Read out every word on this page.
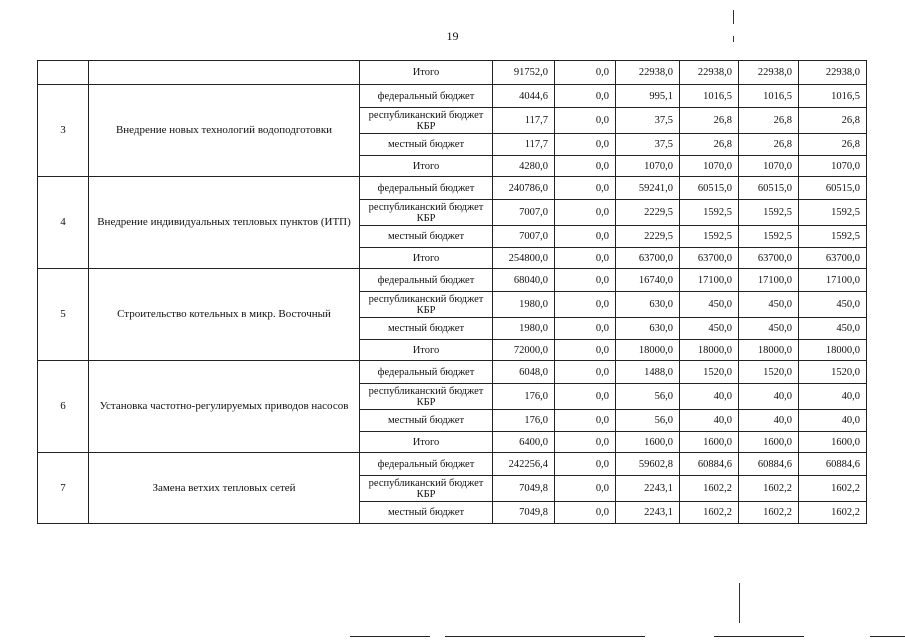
19
		Итого	91752,0	0,0	22938,0	22938,0	22938,0	22938,0
3	Внедрение новых технологий водоподготовки	федеральный бюджет	4044,6	0,0	995,1	1016,5	1016,5	1016,5
		республиканский бюджет КБР	117,7	0,0	37,5	26,8	26,8	26,8
		местный бюджет	117,7	0,0	37,5	26,8	26,8	26,8
		Итого	4280,0	0,0	1070,0	1070,0	1070,0	1070,0
4	Внедрение индивидуальных тепловых пунктов (ИТП)	федеральный бюджет	240786,0	0,0	59241,0	60515,0	60515,0	60515,0
		республиканский бюджет КБР	7007,0	0,0	2229,5	1592,5	1592,5	1592,5
		местный бюджет	7007,0	0,0	2229,5	1592,5	1592,5	1592,5
		Итого	254800,0	0,0	63700,0	63700,0	63700,0	63700,0
5	Строительство котельных в микр. Восточный	федеральный бюджет	68040,0	0,0	16740,0	17100,0	17100,0	17100,0
		республиканский бюджет КБР	1980,0	0,0	630,0	450,0	450,0	450,0
		местный бюджет	1980,0	0,0	630,0	450,0	450,0	450,0
		Итого	72000,0	0,0	18000,0	18000,0	18000,0	18000,0
6	Установка частотно-регулируемых приводов насосов	федеральный бюджет	6048,0	0,0	1488,0	1520,0	1520,0	1520,0
		республиканский бюджет КБР	176,0	0,0	56,0	40,0	40,0	40,0
		местный бюджет	176,0	0,0	56,0	40,0	40,0	40,0
		Итого	6400,0	0,0	1600,0	1600,0	1600,0	1600,0
7	Замена ветхих тепловых сетей	федеральный бюджет	242256,4	0,0	59602,8	60884,6	60884,6	60884,6
		республиканский бюджет КБР	7049,8	0,0	2243,1	1602,2	1602,2	1602,2
		местный бюджет	7049,8	0,0	2243,1	1602,2	1602,2	1602,2
